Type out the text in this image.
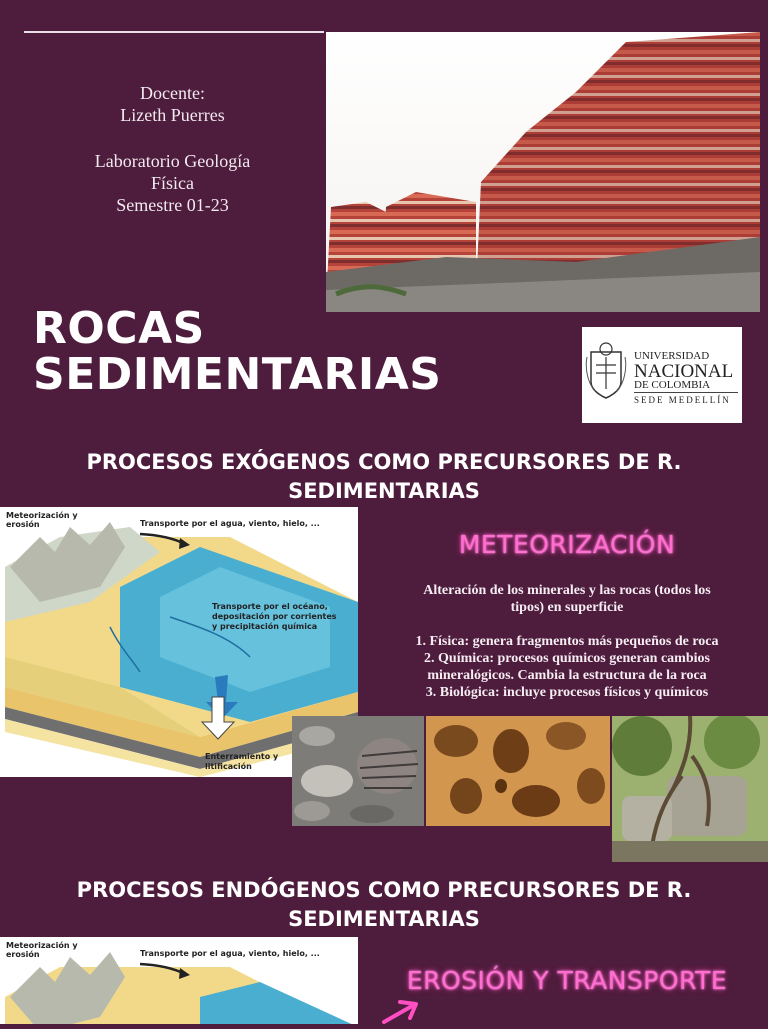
Docente:
Lizeth Puerres
Laboratorio Geología
Física
Semestre 01-23
ROCAS
SEDIMENTARIAS	UNIVERSIDAD
NACIONAL
DE COLOMBIA
SEDE MEDELLÍN
PROCESOS EXÓGENOS COMO PRECURSORES DE R.
SEDIMENTARIAS
Meteorización y
erosión	Transporte por el agua, viento, hielo, ...
Transporte por el océano,
depositación por corrientes
y precipitación química
Enterramiento y
litificación
METEORIZACIÓN
Alteración de los minerales y las rocas (todos los
tipos) en superficie
1. Física: genera fragmentos más pequeños de roca
2. Química: procesos químicos generan cambios
mineralógicos. Cambia la estructura de la roca
3. Biológica: incluye procesos físicos y químicos
PROCESOS ENDÓGENOS COMO PRECURSORES DE R.
SEDIMENTARIAS
Meteorización y
erosión	Transporte por el agua, viento, hielo, ...
EROSIÓN Y TRANSPORTE
